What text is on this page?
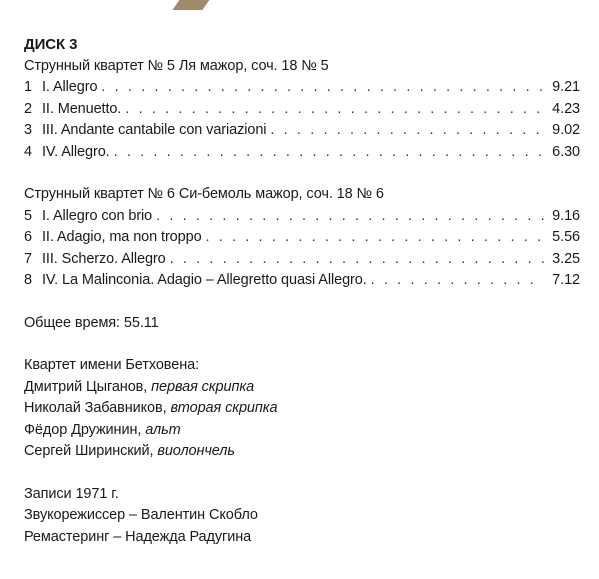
ДИСК 3
Струнный квартет № 5 Ля мажор, соч. 18 № 5
1 I. Allegro . . .	9.21
2 II. Menuetto. . . .	4.23
3 III. Andante cantabile con variazioni . . .	9.02
4 IV. Allegro. . . .	6.30
Струнный квартет № 6 Си-бемоль мажор, соч. 18 № 6
5 I. Allegro con brio . . .	9.16
6 II. Adagio, ma non troppo . . .	5.56
7 III. Scherzo. Allegro . . .	3.25
8 IV. La Malinconia. Adagio – Allegretto quasi Allegro. . . .	7.12
Общее время: 55.11
Квартет имени Бетховена:
Дмитрий Цыганов, первая скрипка
Николай Забавников, вторая скрипка
Фёдор Дружинин, альт
Сергей Ширинский, виолончель
Записи 1971 г.
Звукорежиссер – Валентин Скобло
Ремастеринг – Надежда Радугина
